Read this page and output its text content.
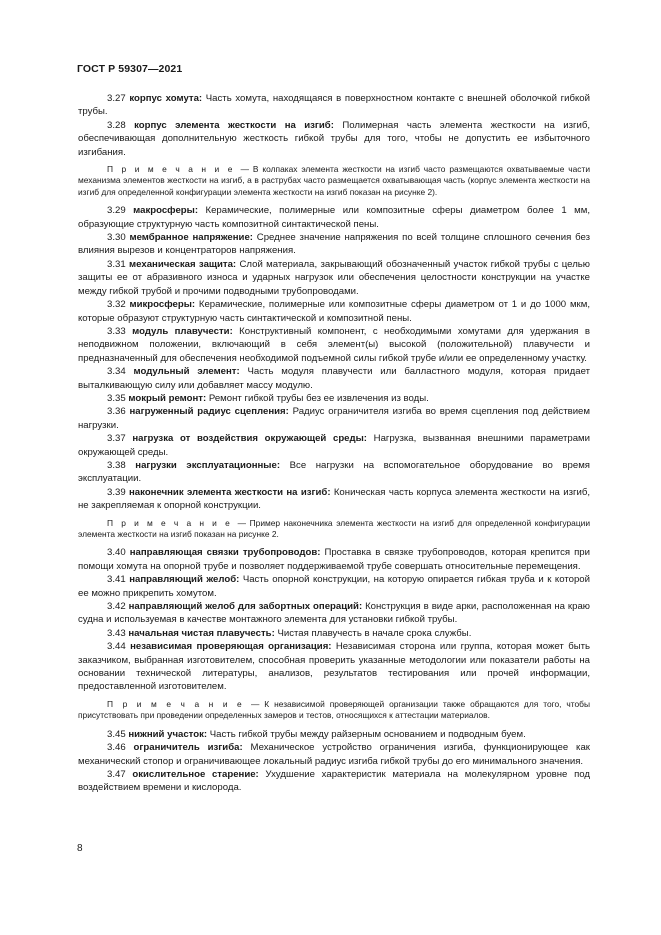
ГОСТ Р 59307—2021

3.27 корпус хомута: Часть хомута, находящаяся в поверхностном контакте с внешней оболочкой гибкой трубы.

3.28 корпус элемента жесткости на изгиб: Полимерная часть элемента жесткости на изгиб, обеспечивающая дополнительную жесткость гибкой трубы для того, чтобы не допустить ее избыточного изгибания.

П р и м е ч а н и е — В колпаках элемента жесткости на изгиб часто размещаются охватываемые части механизма элементов жесткости на изгиб, а в раструбах часто размещается охватывающая часть (корпус элемента жесткости на изгиб для определенной конфигурации элемента жесткости на изгиб показан на рисунке 2).

3.29 макросферы: Керамические, полимерные или композитные сферы диаметром более 1 мм, образующие структурную часть композитной синтактической пены.

3.30 мембранное напряжение: Среднее значение напряжения по всей толщине сплошного сечения без влияния вырезов и концентраторов напряжения.

3.31 механическая защита: Слой материала, закрывающий обозначенный участок гибкой трубы с целью защиты ее от абразивного износа и ударных нагрузок или обеспечения целостности конструкции на участке между гибкой трубой и прочими подводными трубопроводами.

3.32 микросферы: Керамические, полимерные или композитные сферы диаметром от 1 и до 1000 мкм, которые образуют структурную часть синтактической и композитной пены.

3.33 модуль плавучести: Конструктивный компонент, с необходимыми хомутами для удержания в неподвижном положении, включающий в себя элемент(ы) высокой (положительной) плавучести и предназначенный для обеспечения необходимой подъемной силы гибкой трубе и/или ее определенному участку.

3.34 модульный элемент: Часть модуля плавучести или балластного модуля, которая придает выталкивающую силу или добавляет массу модулю.

3.35 мокрый ремонт: Ремонт гибкой трубы без ее извлечения из воды.

3.36 нагруженный радиус сцепления: Радиус ограничителя изгиба во время сцепления под действием нагрузки.

3.37 нагрузка от воздействия окружающей среды: Нагрузка, вызванная внешними параметрами окружающей среды.

3.38 нагрузки эксплуатационные: Все нагрузки на вспомогательное оборудование во время эксплуатации.

3.39 наконечник элемента жесткости на изгиб: Коническая часть корпуса элемента жесткости на изгиб, не закрепляемая к опорной конструкции.

П р и м е ч а н и е — Пример наконечника элемента жесткости на изгиб для определенной конфигурации элемента жесткости на изгиб показан на рисунке 2.

3.40 направляющая связки трубопроводов: Проставка в связке трубопроводов, которая крепится при помощи хомута на опорной трубе и позволяет поддерживаемой трубе совершать относительные перемещения.

3.41 направляющий желоб: Часть опорной конструкции, на которую опирается гибкая труба и к которой ее можно прикрепить хомутом.

3.42 направляющий желоб для забортных операций: Конструкция в виде арки, расположенная на краю судна и используемая в качестве монтажного элемента для установки гибкой трубы.

3.43 начальная чистая плавучесть: Чистая плавучесть в начале срока службы.

3.44 независимая проверяющая организация: Независимая сторона или группа, которая может быть заказчиком, выбранная изготовителем, способная проверить указанные методологии или показатели работы на основании технической литературы, анализов, результатов тестирования или прочей информации, предоставленной изготовителем.

П р и м е ч а н и е — К независимой проверяющей организации также обращаются для того, чтобы присутствовать при проведении определенных замеров и тестов, относящихся к аттестации материалов.

3.45 нижний участок: Часть гибкой трубы между райзерным основанием и подводным буем.

3.46 ограничитель изгиба: Механическое устройство ограничения изгиба, функционирующее как механический стопор и ограничивающее локальный радиус изгиба гибкой трубы до его минимального значения.

3.47 окислительное старение: Ухудшение характеристик материала на молекулярном уровне под воздействием времени и кислорода.

8
